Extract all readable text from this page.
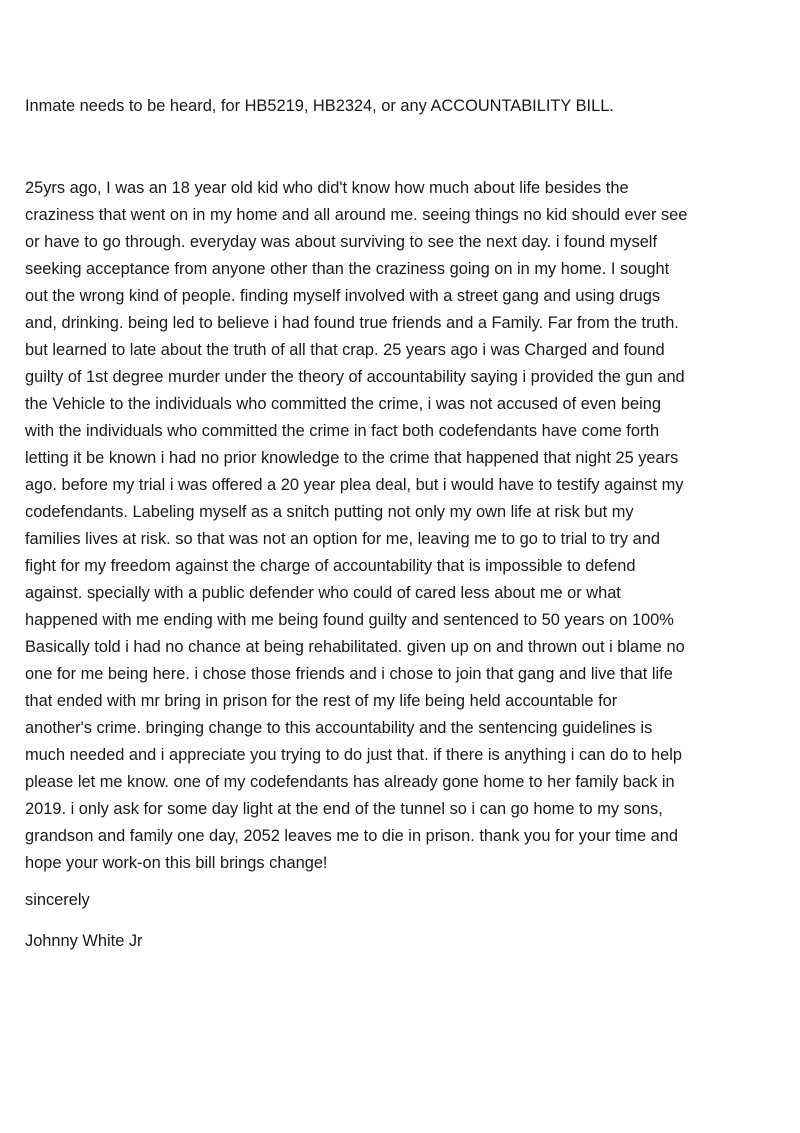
Inmate needs to be heard, for HB5219, HB2324, or any ACCOUNTABILITY BILL.

25yrs ago, I was an 18 year old kid who did't know how much about life besides the

craziness that went on in my home and all around me. seeing things no kid should ever see

or have to go through. everyday was about surviving to see the next day. i found myself

seeking acceptance from anyone other than the craziness going on in my home. I sought

out the wrong kind of people. finding myself involved with a street gang and using drugs

and, drinking. being led to believe i had found true friends and a Family. Far from the truth.

but learned to late about the truth of all that crap. 25 years ago i was Charged and found

guilty of 1st degree murder under the theory of accountability saying i provided the gun and

the Vehicle to the individuals who committed the crime, i was not accused of even being

with the individuals who committed the crime in fact both codefendants have come forth

letting it be known i had no prior knowledge to the crime that happened that night 25 years

ago. before my trial i was offered a 20 year plea deal, but i would have to testify against my

codefendants. Labeling myself as a snitch putting not only my own life at risk but my

families lives at risk. so that was not an option for me, leaving me to go to trial to try and

fight for my freedom against the charge of accountability that is impossible to defend

against. specially with a public defender who could of cared less about me or what

happened with me ending with me being found guilty and sentenced to 50 years on 100%

Basically told i had no chance at being rehabilitated. given up on and thrown out i blame no

one for me being here. i chose those friends and i chose to join that gang and live that life

that ended with mr bring in prison for the rest of my life being held accountable for

another's crime. bringing change to this accountability and the sentencing guidelines is

much needed and i appreciate you trying to do just that. if there is anything i can do to help

please let me know. one of my codefendants has already gone home to her family back in

2019. i only ask for some day light at the end of the tunnel so i can go home to my sons,

grandson and family one day, 2052 leaves me to die in prison. thank you for your time and

hope your work-on this bill brings change!

sincerely

Johnny White Jr
